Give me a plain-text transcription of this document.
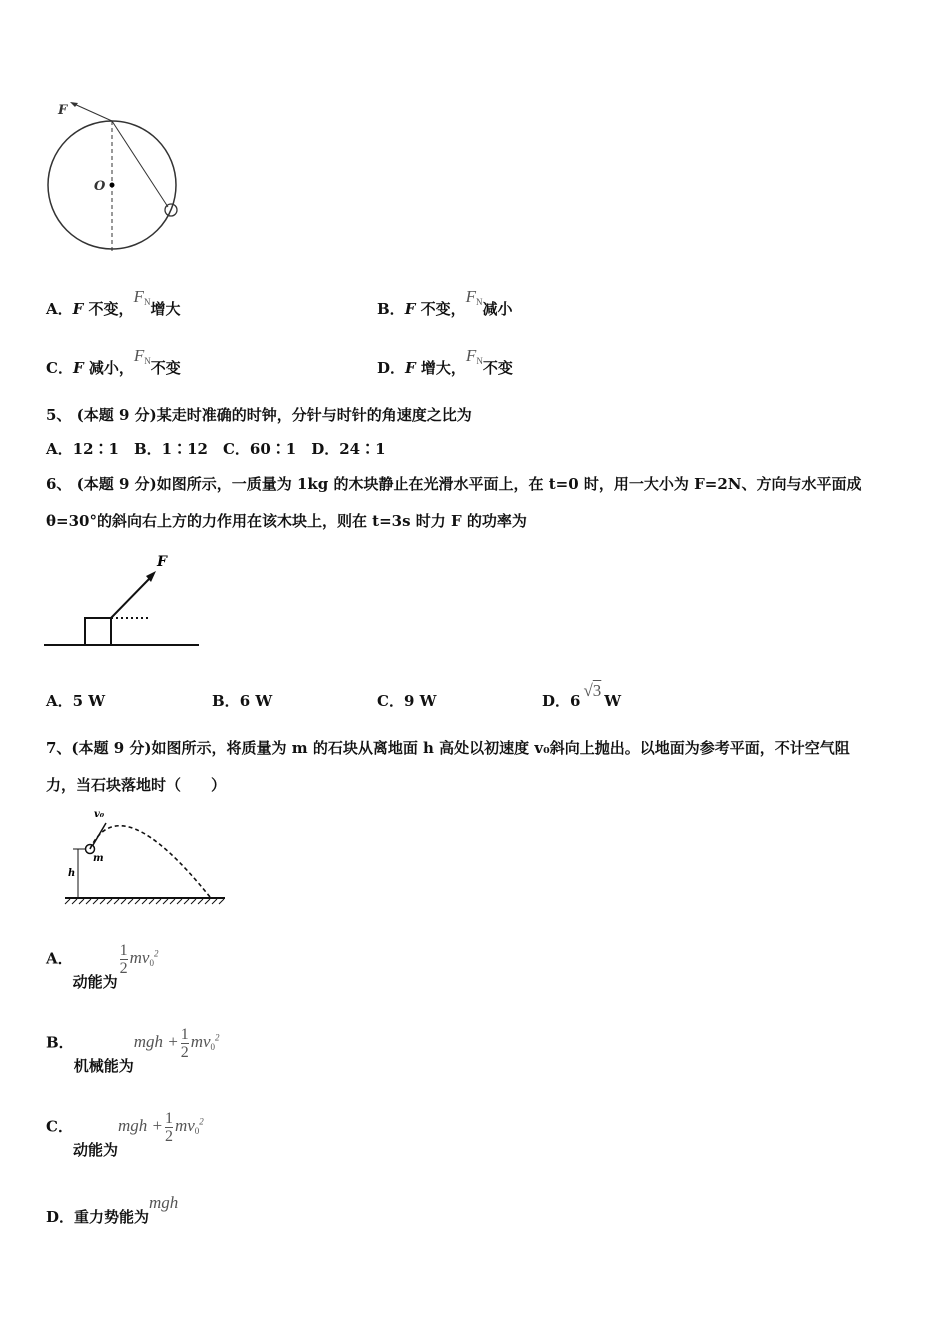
F
O
A．F 不变，$F_N$增大	B．F 不变，$F_N$减小
C．F 减小，$F_N$不变	D．F 增大，$F_N$不变
5、 (本题 9 分)某走时准确的时钟，分针与时针的角速度之比为
A．12∶1　B．1∶12　C．60∶1　D．24∶1
6、 (本题 9 分)如图所示，一质量为 1kg 的木块静止在光滑水平面上，在 t=0 时，用一大小为 F=2N、方向与水平面成
θ=30°的斜向右上方的力作用在该木块上，则在 t=3s 时力 F 的功率为
F
A．5 W	B．6 W	C．9 W	D．6√3W
7、(本题 9 分)如图所示，将质量为 m 的石块从离地面 h 高处以初速度 v₀斜向上抛出。以地面为参考平面，不计空气阻
力，当石块落地时（　　）
v₀
m
h
A．动能为
$\frac{1}{2} mv_0^2$
B．机械能为mgh + $\frac{1}{2} mv_0^2$
C．动能为mgh + $\frac{1}{2} mv_0^2$
D．重力势能为mgh
